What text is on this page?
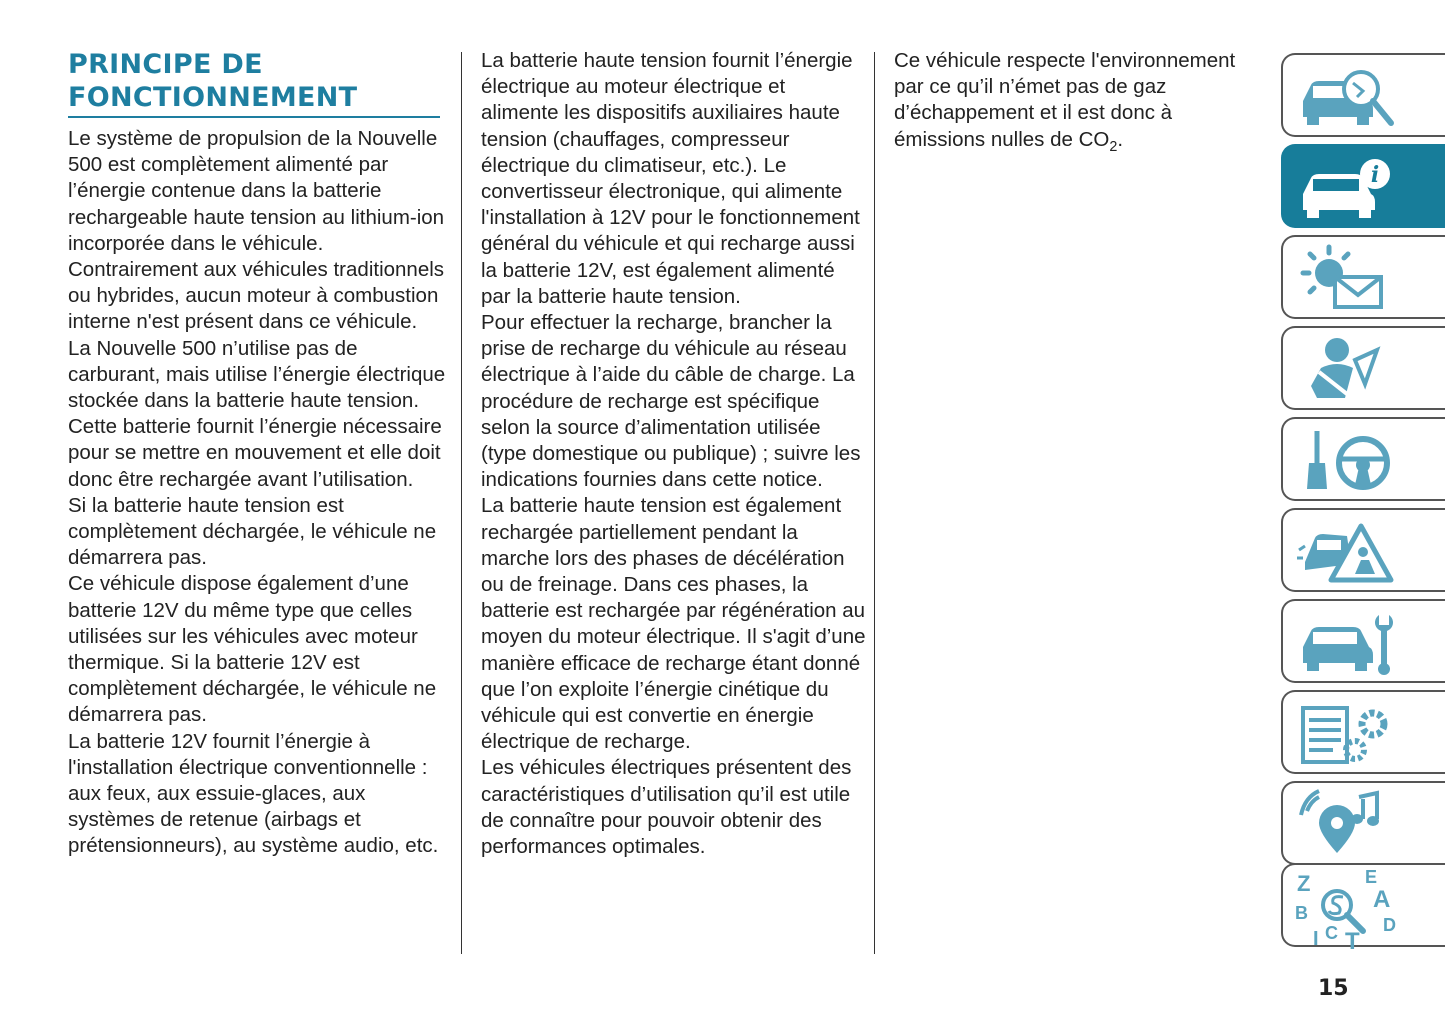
PRINCIPE DE
FONCTIONNEMENT

Le système de propulsion de la Nouvelle 500 est complètement alimenté par l’énergie contenue dans la batterie rechargeable haute tension au lithium-ion incorporée dans le véhicule. Contrairement aux véhicules traditionnels ou hybrides, aucun moteur à combustion interne n'est présent dans ce véhicule.

La Nouvelle 500 n’utilise pas de carburant, mais utilise l’énergie électrique stockée dans la batterie haute tension. Cette batterie fournit l’énergie nécessaire pour se mettre en mouvement et elle doit donc être rechargée avant l’utilisation.

Si la batterie haute tension est complètement déchargée, le véhicule ne démarrera pas.

Ce véhicule dispose également d’une batterie 12V du même type que celles utilisées sur les véhicules avec moteur thermique. Si la batterie 12V est complètement déchargée, le véhicule ne démarrera pas.

La batterie 12V fournit l’énergie à l'installation électrique conventionnelle : aux feux, aux essuie-glaces, aux systèmes de retenue (airbags et prétensionneurs), au système audio, etc.

La batterie haute tension fournit l’énergie électrique au moteur électrique et alimente les dispositifs auxiliaires haute tension (chauffages, compresseur électrique du climatiseur, etc.). Le convertisseur électronique, qui alimente l'installation à 12V pour le fonctionnement général du véhicule et qui recharge aussi la batterie 12V, est également alimenté par la batterie haute tension.

Pour effectuer la recharge, brancher la prise de recharge du véhicule au réseau électrique à l’aide du câble de charge. La procédure de recharge est spécifique selon la source d’alimentation utilisée (type domestique ou publique) ; suivre les indications fournies dans cette notice.

La batterie haute tension est également rechargée partiellement pendant la marche lors des phases de décélération ou de freinage. Dans ces phases, la batterie est rechargée par régénération au moyen du moteur électrique. Il s'agit d’une manière efficace de recharge étant donné que l’on exploite l’énergie cinétique du véhicule qui est convertie en énergie électrique de recharge.

Les véhicules électriques présentent des caractéristiques d’utilisation qu’il est utile de connaître pour pouvoir obtenir des performances optimales.

Ce véhicule respecte l'environnement par ce qu’il n’émet pas de gaz d’échappement et il est donc à émissions nulles de $CO_2$.

i
Z	E
A
B
D
I C T
15
